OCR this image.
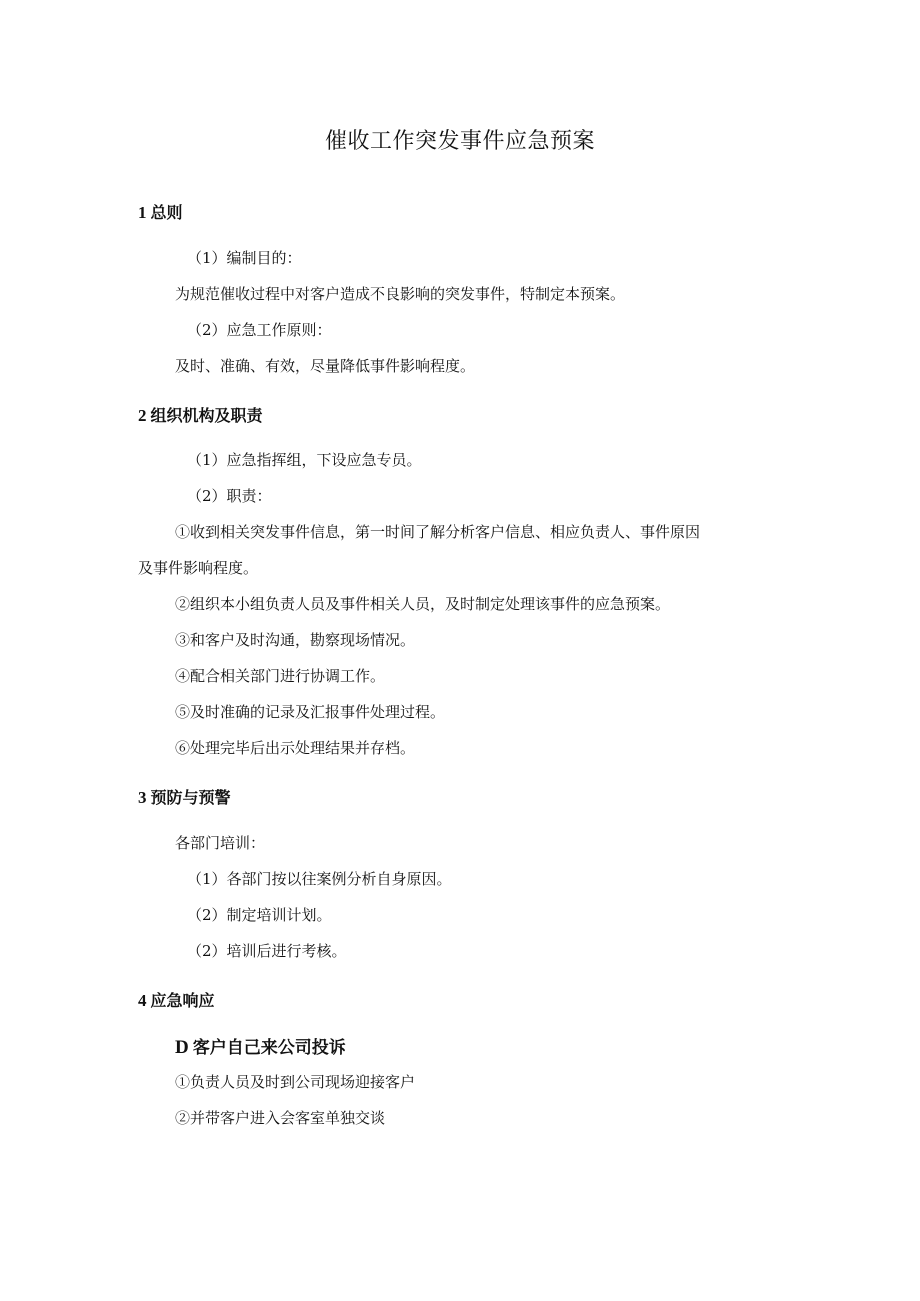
催收工作突发事件应急预案
1 总则

（1）编制目的：

为规范催收过程中对客户造成不良影响的突发事件，特制定本预案。

（2）应急工作原则：

及时、准确、有效，尽量降低事件影响程度。

2 组织机构及职责

（1）应急指挥组，下设应急专员。

（2）职责：

①收到相关突发事件信息，第一时间了解分析客户信息、相应负责人、事件原因

及事件影响程度。

②组织本小组负责人员及事件相关人员，及时制定处理该事件的应急预案。

③和客户及时沟通，勘察现场情况。

④配合相关部门进行协调工作。

⑤及时准确的记录及汇报事件处理过程。

⑥处理完毕后出示处理结果并存档。

3 预防与预警

各部门培训：

（1）各部门按以往案例分析自身原因。

（2）制定培训计划。

（2）培训后进行考核。

4 应急响应
D 客户自己来公司投诉

①负责人员及时到公司现场迎接客户

②并带客户进入会客室单独交谈
